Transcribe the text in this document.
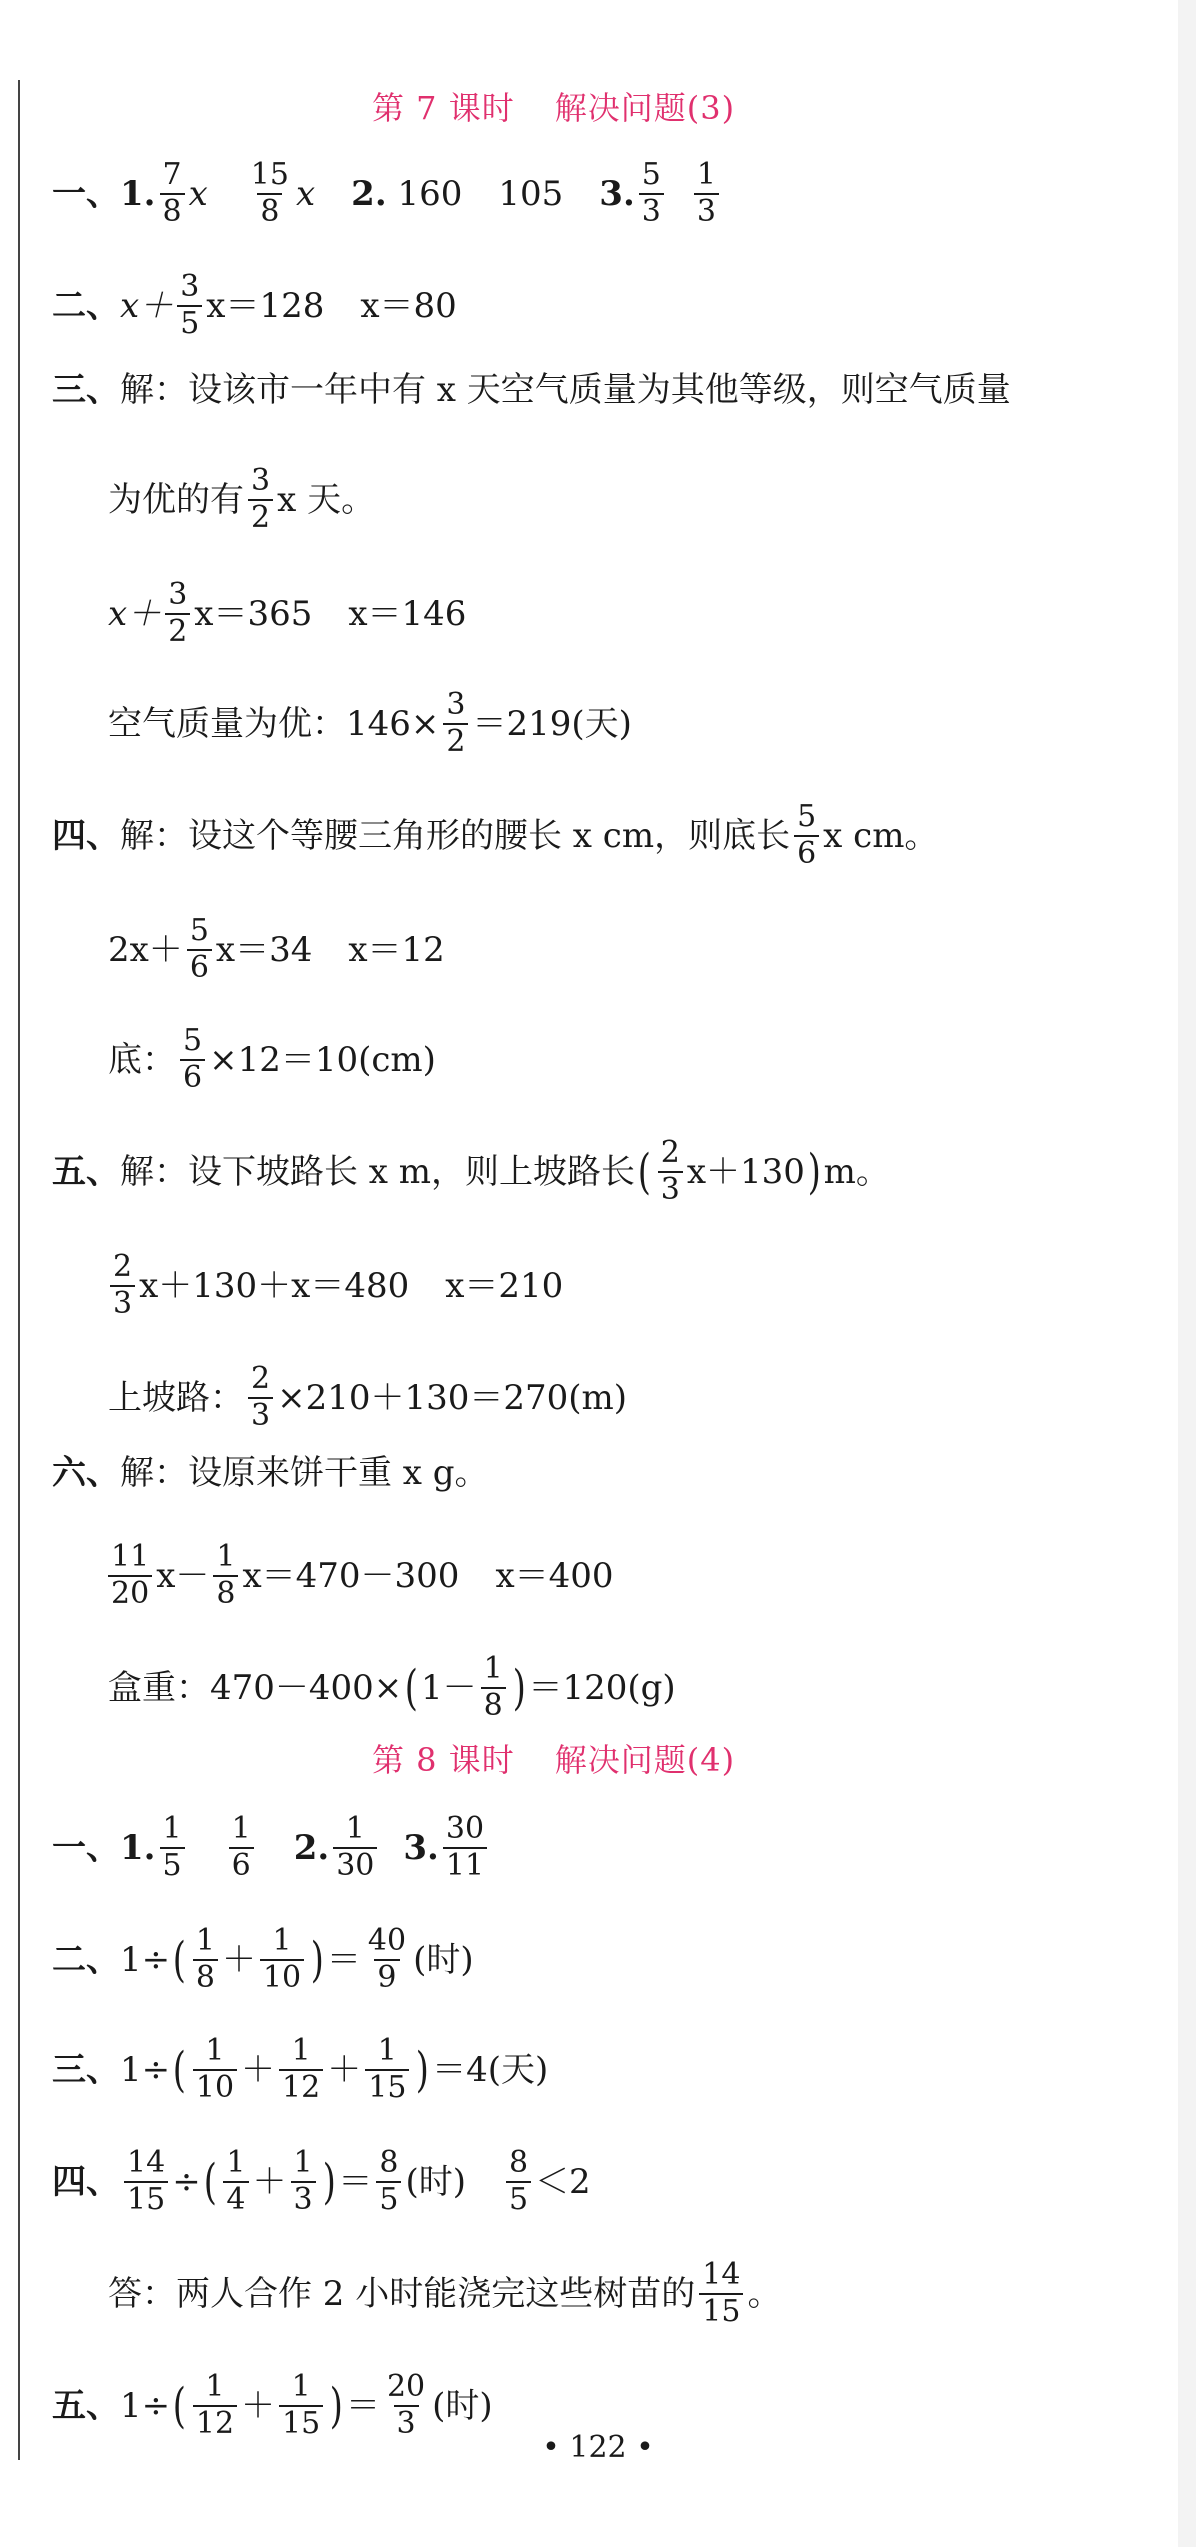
第 7 课时 解决问题(3)
一、 1. $\frac{7}{8}$ x $\frac{15}{8}$ x 2.
160 105 3. $\frac{5}{3} \frac{1}{3}$
二、 $x+ \frac{3}{5} x=128$ x＝80
三、 解：设该市一年中有 x 天空气质量为其他等级，则空气质量
为优的有 $\frac{3}{2}$ x 天。
$x+ \frac{3}{2} x=365$ x＝146
空气质量为优：$146\times \frac{3}{2} =219$(天)
四、 解：设这个等腰三角形的腰长 x cm，则底长 $\frac{5}{6}$ x cm。
$2x+ \frac{5}{6} x=34$ x＝12
底： $\frac{5}{6} \times 12=10(cm)$
五、 解：设下坡路长 x m，则上坡路长 ( $\frac{2}{3} x+130$ ) m。
$\frac{2}{3} x+130+x=480$ x＝210
上坡路： $\frac{2}{3} \times 210+130=270(m)$
六、 解：设原来饼干重 x g。
$\frac{11}{20} x- \frac{1}{8} x=470-300$ x＝400
盒重：470－400× ( $1- \frac{1}{8}$ ) ＝120(g)
第 8 课时 解决问题(4)
一、 1. $\frac{1}{5} \frac{1}{6} 2$. $\frac{1}{30} 3$. $\frac{30}{11}$
二、 1÷ ( $\frac{1}{8} + \frac{1}{10}$ ) ＝ $\frac{40}{9}$ (时)
三、 1÷ ( $\frac{1}{10} + \frac{1}{12} + \frac{1}{15}$ ) ＝4(天)
四、 $\frac{14}{15}$ ÷ ( $\frac{1}{4} + \frac{1}{3}$ ) ＝ $\frac{8}{5}$ (时) $\frac{8}{5} <2$
答：两人合作 2 小时能浇完这些树苗的 $\frac{14}{15}$ 。
五、 1÷ ( $\frac{1}{12} + \frac{1}{15}$ ) ＝ $\frac{20}{3}$ (时)
• 122 •
